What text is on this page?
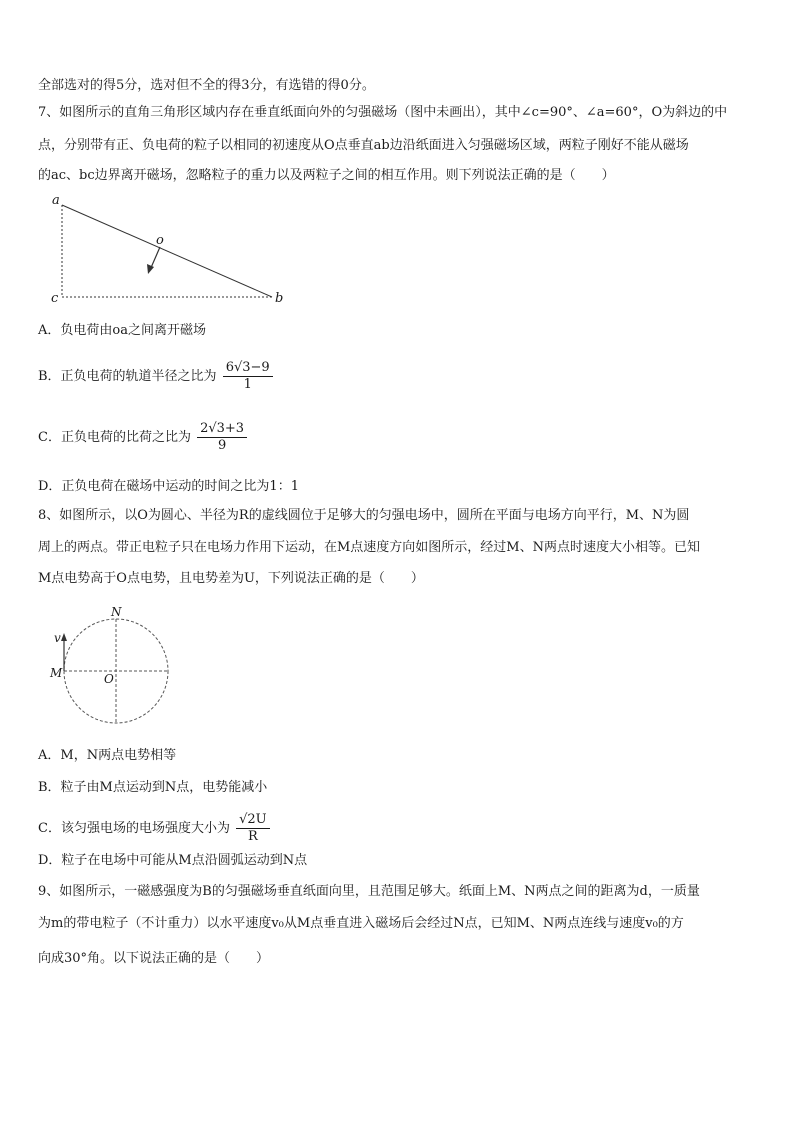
全部选对的得5分，选对但不全的得3分，有选错的得0分。
7、如图所示的直角三角形区域内存在垂直纸面向外的匀强磁场（图中未画出），其中∠c=90°、∠a=60°，O为斜边的中
点，分别带有正、负电荷的粒子以相同的初速度从O点垂直ab边沿纸面进入匀强磁场区域，两粒子刚好不能从磁场
的ac、bc边界离开磁场，忽略粒子的重力以及两粒子之间的相互作用。则下列说法正确的是（　　）
a
o
c	b
A．负电荷由oa之间离开磁场
B．正负电荷的轨道半径之比为 $\frac{6√3-9}{1}$
C．正负电荷的比荷之比为 $\frac{2√3+3}{9}$
D．正负电荷在磁场中运动的时间之比为1：1
8、如图所示，以O为圆心、半径为R的虚线圆位于足够大的匀强电场中，圆所在平面与电场方向平行，M、N为圆
周上的两点。带正电粒子只在电场力作用下运动，在M点速度方向如图所示，经过M、N两点时速度大小相等。已知
M点电势高于O点电势，且电势差为U，下列说法正确的是（　　）
N
v
M	O
A．M，N两点电势相等
B．粒子由M点运动到N点，电势能减小
C．该匀强电场的电场强度大小为 $\frac{√2U}{R}$
D．粒子在电场中可能从M点沿圆弧运动到N点
9、如图所示，一磁感强度为B的匀强磁场垂直纸面向里，且范围足够大。纸面上M、N两点之间的距离为d，一质量
为m的带电粒子（不计重力）以水平速度v₀从M点垂直进入磁场后会经过N点，已知M、N两点连线与速度v₀的方
向成30°角。以下说法正确的是（　　）
